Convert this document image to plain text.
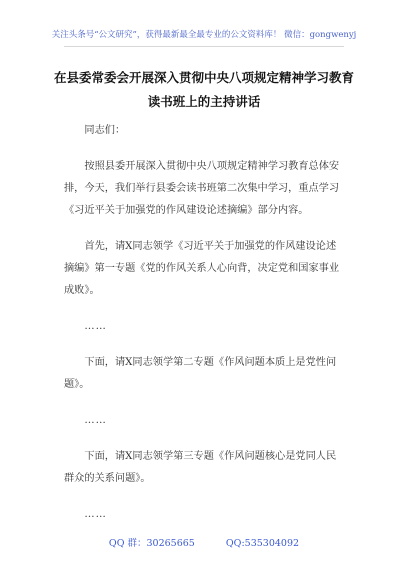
关注头条号“公文研究”，获得最新最全最专业的公文资料库！ 微信：gongwenyj
在县委常委会开展深入贯彻中央八项规定精神学习教育读书班上的主持讲话

同志们：

按照县委开展深入贯彻中央八项规定精神学习教育总体安排，今天，我们举行县委会读书班第二次集中学习，重点学习《习近平关于加强党的作风建设论述摘编》部分内容。

首先，请X同志领学《习近平关于加强党的作风建设论述摘编》第一专题《党的作风关系人心向背，决定党和国家事业成败》。

……

下面，请X同志领学第二专题《作风问题本质上是党性问题》。

……

下面，请X同志领学第三专题《作风问题核心是党同人民群众的关系问题》。

……

QQ 群：30265665	QQ:535304092
